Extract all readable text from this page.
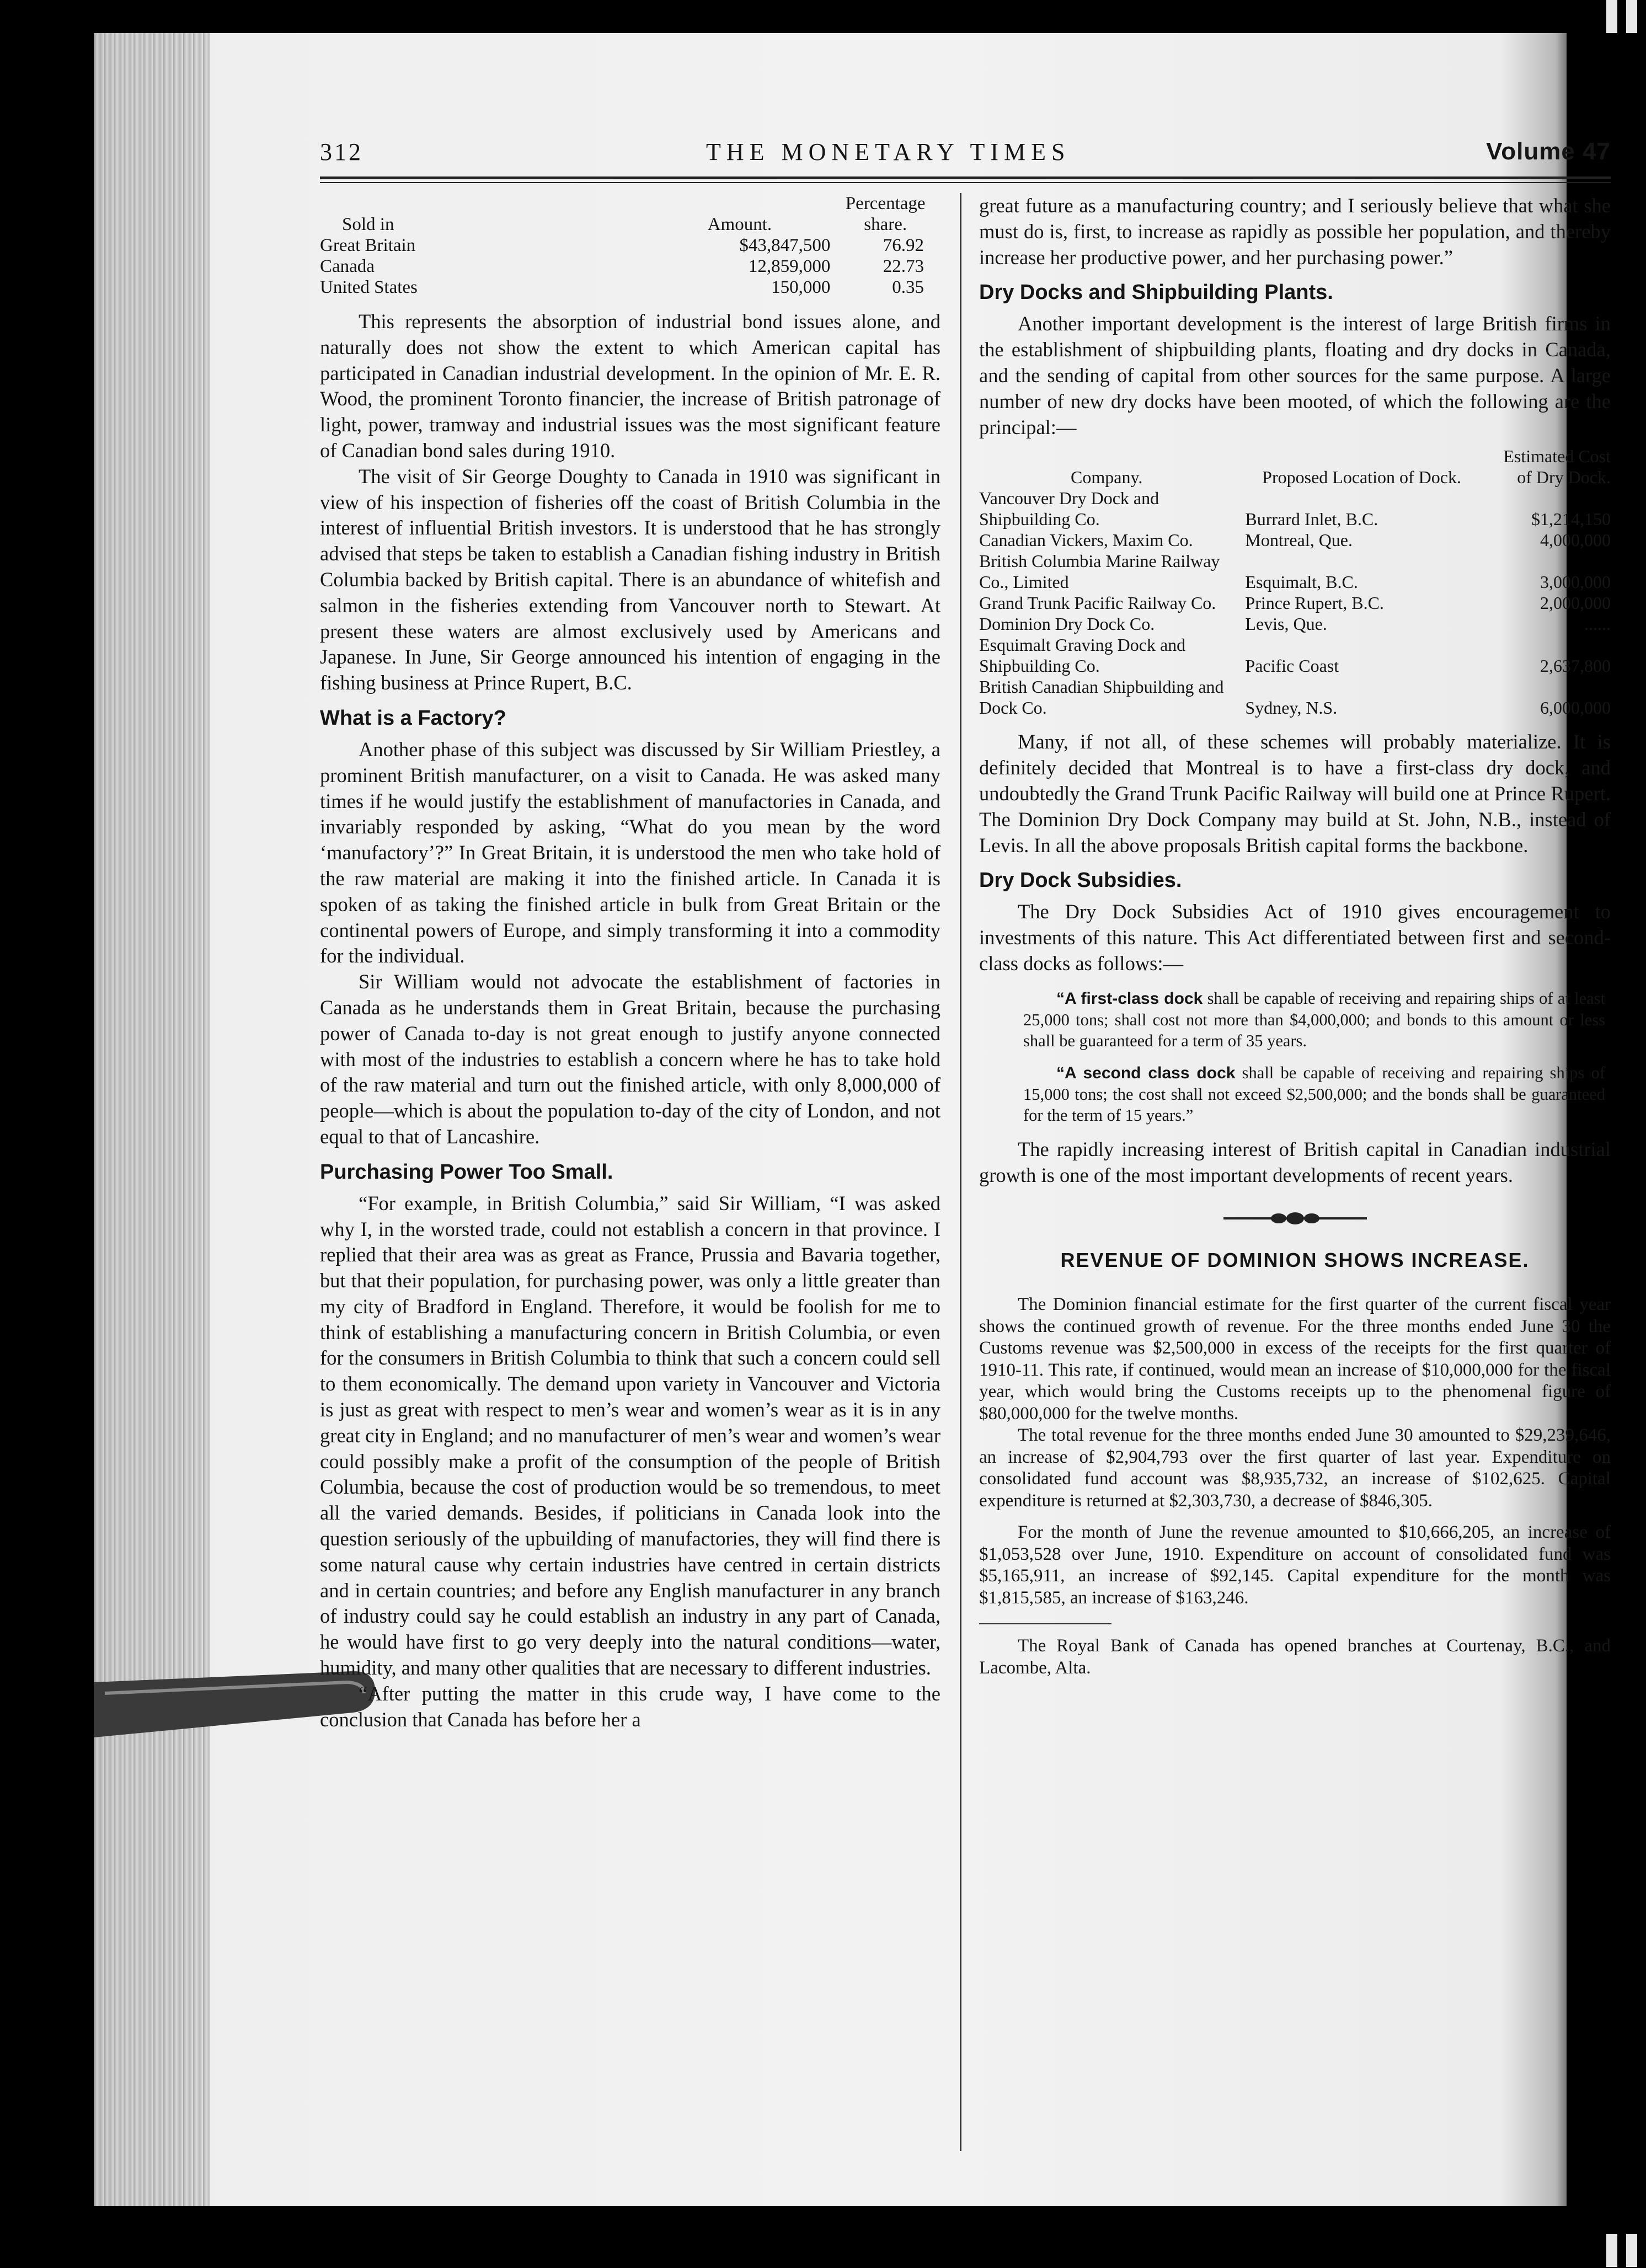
312	THE MONETARY TIMES	Volume 47
Sold in	Amount.	Percentage share.
Great Britain	$43,847,500	76.92
Canada	12,859,000	22.73
United States	150,000	0.35

This represents the absorption of industrial bond issues alone, and naturally does not show the extent to which American capital has participated in Canadian industrial development. In the opinion of Mr. E. R. Wood, the prominent Toronto financier, the increase of British patronage of light, power, tramway and industrial issues was the most significant feature of Canadian bond sales during 1910.

The visit of Sir George Doughty to Canada in 1910 was significant in view of his inspection of fisheries off the coast of British Columbia in the interest of influential British investors. It is understood that he has strongly advised that steps be taken to establish a Canadian fishing industry in British Columbia backed by British capital. There is an abundance of whitefish and salmon in the fisheries extending from Vancouver north to Stewart. At present these waters are almost exclusively used by Americans and Japanese. In June, Sir George announced his intention of engaging in the fishing business at Prince Rupert, B.C.

What is a Factory?

Another phase of this subject was discussed by Sir William Priestley, a prominent British manufacturer, on a visit to Canada. He was asked many times if he would justify the establishment of manufactories in Canada, and invariably responded by asking, “What do you mean by the word ‘manufactory’?” In Great Britain, it is understood the men who take hold of the raw material are making it into the finished article. In Canada it is spoken of as taking the finished article in bulk from Great Britain or the continental powers of Europe, and simply transforming it into a commodity for the individual.

Sir William would not advocate the establishment of factories in Canada as he understands them in Great Britain, because the purchasing power of Canada to-day is not great enough to justify anyone connected with most of the industries to establish a concern where he has to take hold of the raw material and turn out the finished article, with only 8,000,000 of people—which is about the population to-day of the city of London, and not equal to that of Lancashire.

Purchasing Power Too Small.

“For example, in British Columbia,” said Sir William, “I was asked why I, in the worsted trade, could not establish a concern in that province. I replied that their area was as great as France, Prussia and Bavaria together, but that their population, for purchasing power, was only a little greater than my city of Bradford in England. Therefore, it would be foolish for me to think of establishing a manufacturing concern in British Columbia, or even for the consumers in British Columbia to think that such a concern could sell to them economically. The demand upon variety in Vancouver and Victoria is just as great with respect to men’s wear and women’s wear as it is in any great city in England; and no manufacturer of men’s wear and women’s wear could possibly make a profit of the consumption of the people of British Columbia, because the cost of production would be so tremendous, to meet all the varied demands. Besides, if politicians in Canada look into the question seriously of the upbuilding of manufactories, they will find there is some natural cause why certain industries have centred in certain districts and in certain countries; and before any English manufacturer in any branch of industry could say he could establish an industry in any part of Canada, he would have first to go very deeply into the natural conditions—water, humidity, and many other qualities that are necessary to different industries.

“After putting the matter in this crude way, I have come to the conclusion that Canada has before her a

great future as a manufacturing country; and I seriously believe that what she must do is, first, to increase as rapidly as possible her population, and thereby increase her productive power, and her purchasing power.”

Dry Docks and Shipbuilding Plants.

Another important development is the interest of large British firms in the establishment of shipbuilding plants, floating and dry docks in Canada, and the sending of capital from other sources for the same purpose. A large number of new dry docks have been mooted, of which the following are the principal:—

Company.	Proposed Location of Dock.	Estimated Cost of Dry Dock.
Vancouver Dry Dock and Shipbuilding Co.	Burrard Inlet, B.C.	$1,214,150
Canadian Vickers, Maxim Co.	Montreal, Que.	4,000,000
British Columbia Marine Railway Co., Limited	Esquimalt, B.C.	3,000,000
Grand Trunk Pacific Railway Co.	Prince Rupert, B.C.	2,000,000
Dominion Dry Dock Co.	Levis, Que.	......
Esquimalt Graving Dock and Shipbuilding Co.	Pacific Coast	2,637,800
British Canadian Shipbuilding and Dock Co.	Sydney, N.S.	6,000,000

Many, if not all, of these schemes will probably materialize. It is definitely decided that Montreal is to have a first-class dry dock, and undoubtedly the Grand Trunk Pacific Railway will build one at Prince Rupert. The Dominion Dry Dock Company may build at St. John, N.B., instead of Levis. In all the above proposals British capital forms the backbone.

Dry Dock Subsidies.

The Dry Dock Subsidies Act of 1910 gives encouragement to investments of this nature. This Act differentiated between first and second-class docks as follows:—

“A first-class dock shall be capable of receiving and repairing ships of at least 25,000 tons; shall cost not more than $4,000,000; and bonds to this amount or less shall be guaranteed for a term of 35 years.
“A second class dock shall be capable of receiving and repairing ships of 15,000 tons; the cost shall not exceed $2,500,000; and the bonds shall be guaranteed for the term of 15 years.”

The rapidly increasing interest of British capital in Canadian industrial growth is one of the most important developments of recent years.

REVENUE OF DOMINION SHOWS INCREASE.

The Dominion financial estimate for the first quarter of the current fiscal year shows the continued growth of revenue. For the three months ended June 30 the Customs revenue was $2,500,000 in excess of the receipts for the first quarter of 1910-11. This rate, if continued, would mean an increase of $10,000,000 for the fiscal year, which would bring the Customs receipts up to the phenomenal figure of $80,000,000 for the twelve months.

The total revenue for the three months ended June 30 amounted to $29,239,646, an increase of $2,904,793 over the first quarter of last year. Expenditure on consolidated fund account was $8,935,732, an increase of $102,625. Capital expenditure is returned at $2,303,730, a decrease of $846,305.

For the month of June the revenue amounted to $10,666,205, an increase of $1,053,528 over June, 1910. Expenditure on account of consolidated fund was $5,165,911, an increase of $92,145. Capital expenditure for the month was $1,815,585, an increase of $163,246.

The Royal Bank of Canada has opened branches at Courtenay, B.C., and Lacombe, Alta.
